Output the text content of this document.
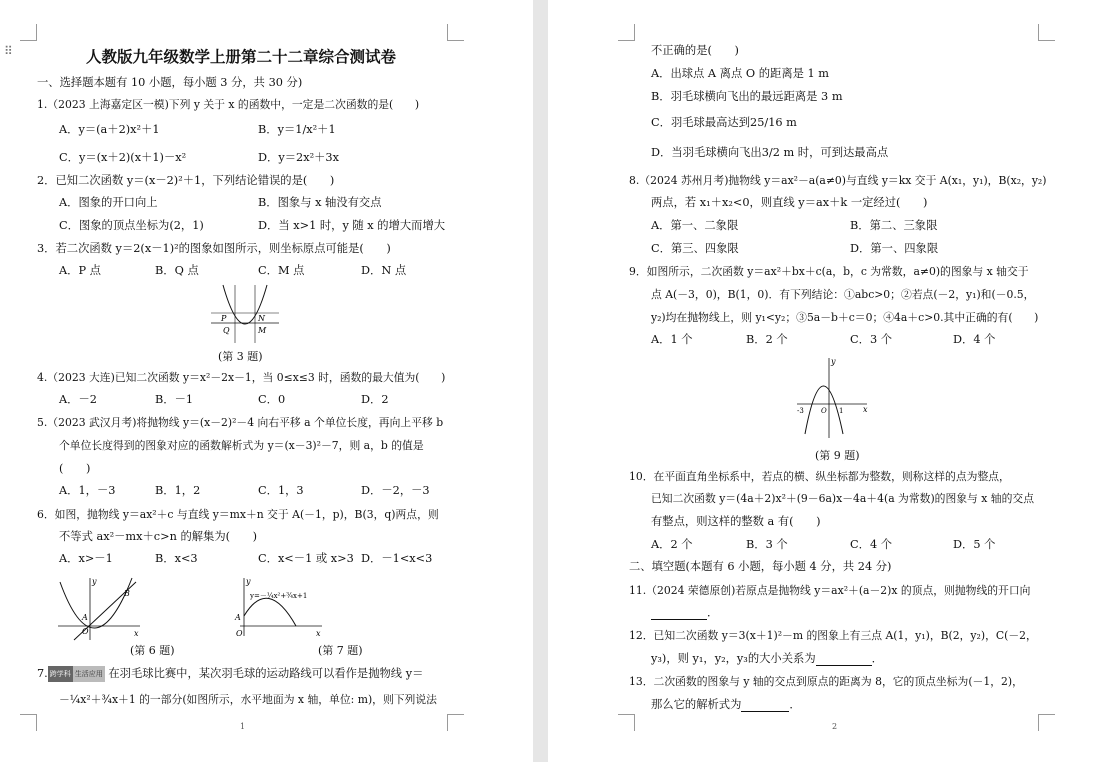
⠿	人教版九年级数学上册第二十二章综合测试卷
一、选择题本题有 10 小题，每小题 3 分，共 30 分)
1.（2023 上海嘉定区一模)下列 y 关于 x 的函数中，一定是二次函数的是(　　)
A．y＝(a＋2)x²＋1	B．y＝1/x²＋1
C．y＝(x＋2)(x＋1)－x²	D．y＝2x²＋3x
2．已知二次函数 y＝(x－2)²＋1，下列结论错误的是(　　)
A．图象的开口向上	B．图象与 x 轴没有交点
C．图象的顶点坐标为(2，1)	D．当 x>1 时，y 随 x 的增大而增大
3．若二次函数 y＝2(x－1)²的图象如图所示，则坐标原点可能是(　　)
A．P 点	B．Q 点	C．M 点	D．N 点
P	N
Q	M
(第 3 题)
4.（2023 大连)已知二次函数 y＝x²－2x－1，当 0≤x≤3 时，函数的最大值为(　　)
A．－2	B．－1	C．0	D．2
5.（2023 武汉月考)将抛物线 y＝(x－2)²－4 向右平移 a 个单位长度，再向上平移 b
个单位长度得到的图象对应的函数解析式为 y＝(x－3)²－7，则 a，b 的值是
(　　)
A．1，－3	B．1，2	C．1，3	D．－2，－3
6．如图，抛物线 y＝ax²＋c 与直线 y＝mx＋n 交于 A(－1，p)，B(3，q)两点，则
不等式 ax²－mx＋c>n 的解集为(　　)
A．x>－1	B．x<3	C．x<－1 或 x>3 D．－1<x<3
y
A
B
O	x
(第 6 题)
y=－¼x²+¾x+1
y
A
O	x
(第 7 题)
7. 跨学科 生活应用 在羽毛球比赛中，某次羽毛球的运动路线可以看作是抛物线 y＝
－¼x²＋¾x＋1 的一部分(如图所示，水平地面为 x 轴，单位: m)，则下列说法
1
不正确的是(　　)
A．出球点 A 离点 O 的距离是 1 m
B．羽毛球横向飞出的最远距离是 3 m
C．羽毛球最高达到25/16 m
D．当羽毛球横向飞出3/2 m 时，可到达最高点
8.（2024 苏州月考)抛物线 y＝ax²－a(a≠0)与直线 y＝kx 交于 A(x₁，y₁)，B(x₂，y₂)
两点，若 x₁＋x₂<0，则直线 y＝ax＋k 一定经过(　　)
A．第一、二象限	B．第二、三象限
C．第三、四象限	D．第一、四象限
9．如图所示，二次函数 y＝ax²＋bx＋c(a，b，c 为常数，a≠0)的图象与 x 轴交于
点 A(－3，0)，B(1，0)．有下列结论：①abc>0；②若点(－2，y₁)和(－0.5，
y₂)均在抛物线上，则 y₁<y₂；③5a－b＋c＝0；④4a＋c>0.其中正确的有(　　)
A．1 个	B．2 个	C．3 个	D．4 个
y
-3 O 1 x
(第 9 题)
10．在平面直角坐标系中，若点的横、纵坐标都为整数，则称这样的点为整点，
已知二次函数 y＝(4a＋2)x²＋(9－6a)x－4a＋4(a 为常数)的图象与 x 轴的交点
有整点，则这样的整数 a 有(　　)
A．2 个	B．3 个	C．4 个	D．5 个
二、填空题(本题有 6 小题，每小题 4 分，共 24 分)
11.（2024 荣德原创)若原点是抛物线 y＝ax²＋(a－2)x 的顶点，则抛物线的开口向
．
12．已知二次函数 y＝3(x＋1)²－m 的图象上有三点 A(1，y₁)，B(2，y₂)，C(－2，
y₃)，则 y₁，y₂，y₃的大小关系为	．
13．二次函数的图象与 y 轴的交点到原点的距离为 8，它的顶点坐标为(－1，2)，
那么它的解析式为	．
2
